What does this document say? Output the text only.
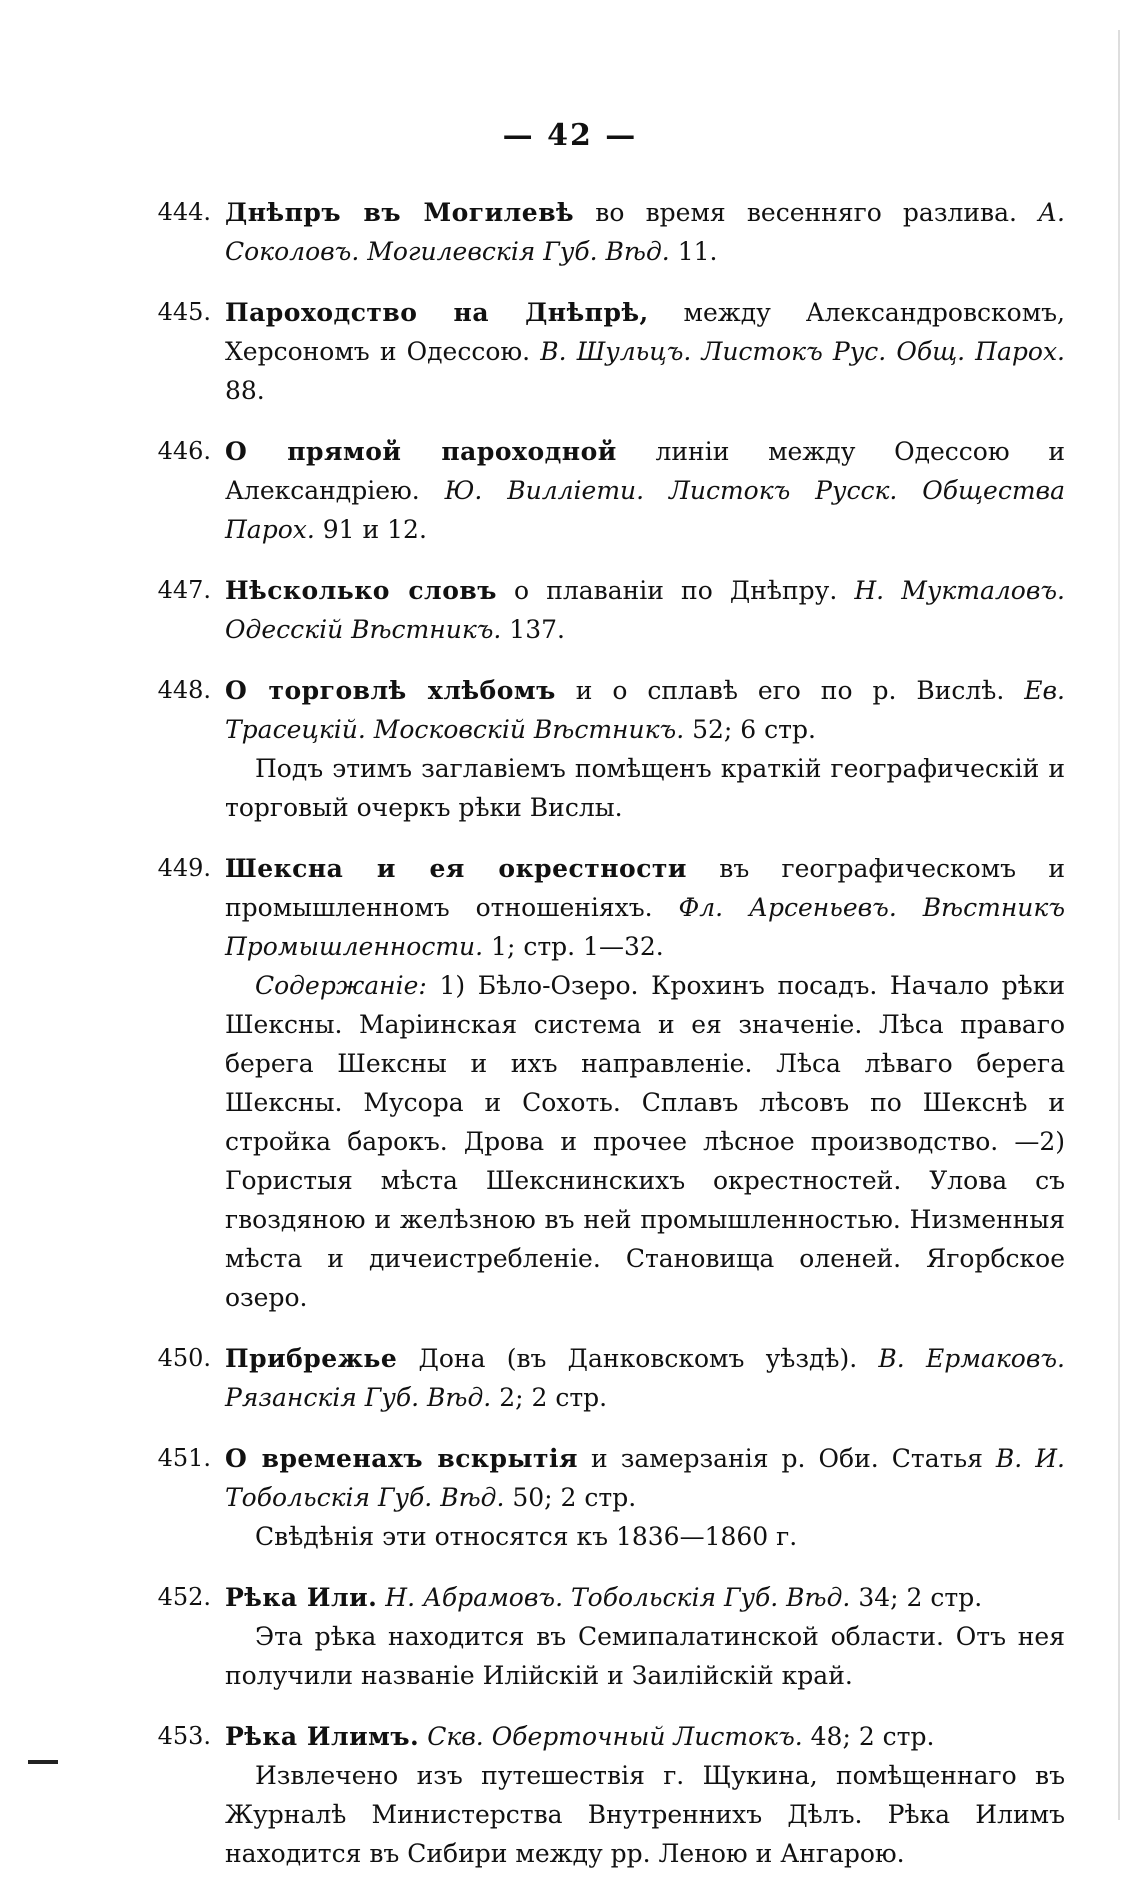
— 42 —
444. Днѣпръ въ Могилевѣ во время весенняго разлива. А. Соколовъ. Могилевскія Губ. Вѣд. 11.
445. Пароходство на Днѣпрѣ, между Александровскомъ, Херсономъ и Одессою. В. Шульцъ. Листокъ Рус. Общ. Парох. 88.
446. О прямой пароходной линіи между Одессою и Александріею. Ю. Виллiети. Листокъ Русск. Общества Парох. 91 и 12.
447. Нѣсколько словъ о плаваніи по Днѣпру. Н. Мукталовъ. Одесскій Вѣстникъ. 137.
448. О торговлѣ хлѣбомъ и о сплавѣ его по р. Вислѣ. Ев. Трaсецкiй. Московскій Вѣстникъ. 52; 6 стр.
Подъ этимъ заглавіемъ помѣщенъ краткій географическій и торговый очеркъ рѣки Вислы.
449. Шексна и ея окрестности въ географическомъ и промышленномъ отношеніяхъ. Фл. Арсеньевъ. Вѣстникъ Промышленности. 1; стр. 1—32.
Содержаніе: 1) Бѣло-Озеро. Кроxинъ посадъ. Начало рѣки Шексны. Маріинская система и ея значеніе. Лѣса праваго берега Шексны и ихъ направленіе. Лѣса лѣваго берега Шексны. Мусора и Сохоть. Сплавъ лѣсовъ по Шекснѣ и стройка барокъ. Дрова и прочее лѣсное производство. —2) Гористыя мѣста Шекснинскихъ окрестностей. Улова съ гвоздяною и желѣзною въ ней промышленностью. Низменныя мѣста и дичеистребленіе. Становища оленей. Ягорбское озеро.
450. Прибрежье Дона (въ Данковскомъ уѣздѣ). В. Ермаковъ. Рязанскія Губ. Вѣд. 2; 2 стр.
451. О временахъ вскрытія и замерзанія р. Оби. Статья В. И. Тобольскія Губ. Вѣд. 50; 2 стр.
Свѣдѣнія эти относятся къ 1836—1860 г.
452. Рѣка Или. Н. Абрамовъ. Тобольскія Губ. Вѣд. 34; 2 стр.
Эта рѣка находится въ Семипалатинской области. Отъ нея получили названіе Илійскій и Заилійскій край.
453. Рѣка Илимъ. Скв. Оберточный Листокъ. 48; 2 стр.
Извлечено изъ путешествія г. Щукина, помѣщеннаго въ Журналѣ Министерства Внутреннихъ Дѣлъ. Рѣка Илимъ находится въ Сибири между рр. Леною и Ангарою.
